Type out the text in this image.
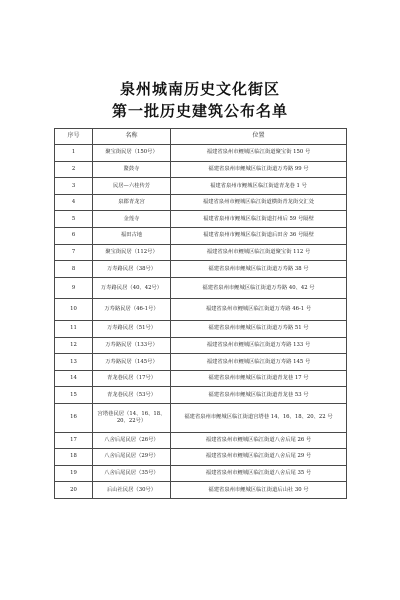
泉州城南历史文化街区
第一批历史建筑公布名单
序号	名称	位置
1	聚宝街民居（150号）	福建省泉州市鲤城区临江街道聚宝街 150 号
2	鳌鼓寺	福建省泉州市鲤城区临江街道万寿路 99 号
3	民居—六桂传芳	福建省泉州市鲤城区临江街道青龙巷 1 号
4	泉郡青龙宫	福建省泉州市鲤城区临江街道横街青龙街交汇处
5	金莲寺	福建省泉州市鲤城区临江街道打州后 59 号隔壁
6	福田古地	福建省泉州市鲤城区临江街道后田舍 36 号隔壁
7	聚宝街民居（112号）	福建省泉州市鲤城区临江街道聚宝街 112 号
8	万寿路民居（38号）	福建省泉州市鲤城区临江街道万寿路 38 号
9	万寿路民居（40、42号）	福建省泉州市鲤城区临江街道万寿路 40、42 号
10	万寿路民居（46-1号）	福建省泉州市鲤城区临江街道万寿路 46-1 号
11	万寿路民居（51号）	福建省泉州市鲤城区临江街道万寿路 51 号
12	万寿路民居（133号）	福建省泉州市鲤城区临江街道万寿路 133 号
13	万寿路民居（145号）	福建省泉州市鲤城区临江街道万寿路 145 号
14	青龙巷民居（17号）	福建省泉州市鲤城区临江街道青龙巷 17 号
15	青龙巷民居（53号）	福建省泉州市鲤城区临江街道青龙巷 53 号
16	宫塔巷民居（14、16、18、20、22号）	福建省泉州市鲤城区临江街道宫塔巷 14、16、18、20、22 号
17	八舍后尾民居（26号）	福建省泉州市鲤城区临江街道八舍后尾 26 号
18	八舍后尾民居（29号）	福建省泉州市鲤城区临江街道八舍后尾 29 号
19	八舍后尾民居（35号）	福建省泉州市鲤城区临江街道八舍后尾 35 号
20	后山社民居（30号）	福建省泉州市鲤城区临江街道后山社 30 号
